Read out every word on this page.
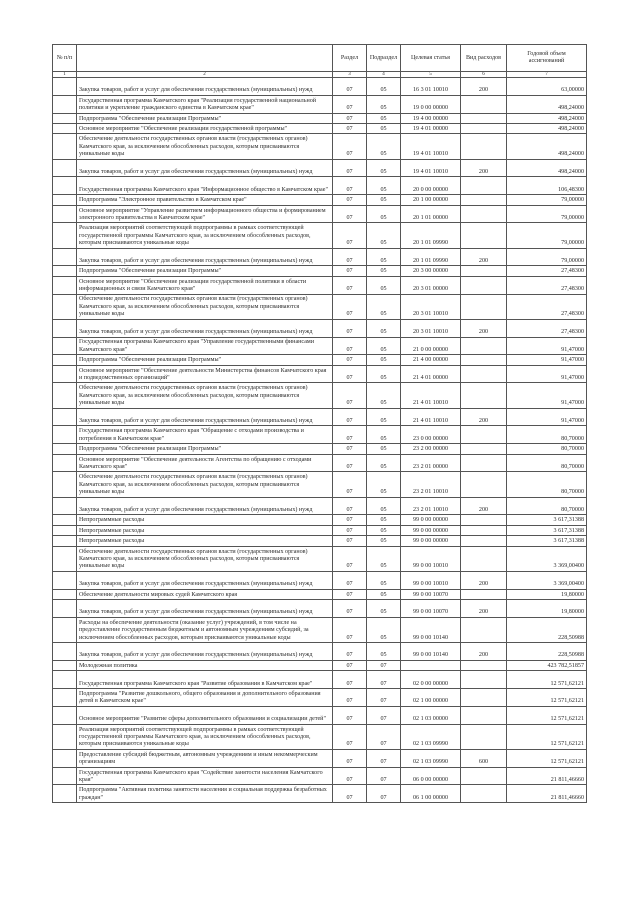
№ п/п		Раздел	Подраздел	Целевая статья	Вид расходов	Годовой объем ассигнований
1	2	3	4	5	6	7
	Закупка товаров, работ и услуг для обеспечения государственных (муниципальных) нужд	07	05	16 3 01 10010	200	63,00000
	Государственная программа Камчатского края "Реализация государственной национальной политики и укрепление гражданского единства в Камчатском крае"	07	05	19 0 00 00000		498,24000
	Подпрограмма "Обеспечение реализации Программы"	07	05	19 4 00 00000		498,24000
	Основное мероприятие "Обеспечение реализации государственной программы"	07	05	19 4 01 00000		498,24000
	Обеспечение деятельности государственных органов власти (государственных органов) Камчатского края, за исключением обособленных расходов, которым присваиваются уникальные коды	07	05	19 4 01 10010		498,24000
	Закупка товаров, работ и услуг для обеспечения государственных (муниципальных) нужд	07	05	19 4 01 10010	200	498,24000
	Государственная программа Камчатского края "Информационное общество в Камчатском крае"	07	05	20 0 00 00000		106,48300
	Подпрограмма "Электронное правительство в Камчатском крае"	07	05	20 1 00 00000		79,00000
	Основное мероприятие "Управление развитием информационного общества и формированием электронного правительства в Камчатском крае"	07	05	20 1 01 00000		79,00000
	Реализация мероприятий соответствующей подпрограммы в рамках соответствующей государственной программы Камчатского края, за исключением обособленных расходов, которым присваиваются уникальные коды	07	05	20 1 01 09990		79,00000
	Закупка товаров, работ и услуг для обеспечения государственных (муниципальных) нужд	07	05	20 1 01 09990	200	79,00000
	Подпрограмма "Обеспечение реализации Программы"	07	05	20 3 00 00000		27,48300
	Основное мероприятие "Обеспечение реализации государственной политики в области информационных и связи Камчатского края"	07	05	20 3 01 00000		27,48300
	Обеспечение деятельности государственных органов власти (государственных органов) Камчатского края, за исключением обособленных расходов, которым присваиваются уникальные коды	07	05	20 3 01 10010		27,48300
	Закупка товаров, работ и услуг для обеспечения государственных (муниципальных) нужд	07	05	20 3 01 10010	200	27,48300
	Государственная программа Камчатского края "Управление государственными финансами Камчатского края"	07	05	21 0 00 00000		91,47000
	Подпрограмма "Обеспечение реализации Программы"	07	05	21 4 00 00000		91,47000
	Основное мероприятие "Обеспечение деятельности Министерства финансов Камчатского края и подведомственных организаций"	07	05	21 4 01 00000		91,47000
	Обеспечение деятельности государственных органов власти (государственных органов) Камчатского края, за исключением обособленных расходов, которым присваиваются уникальные коды	07	05	21 4 01 10010		91,47000
	Закупка товаров, работ и услуг для обеспечения государственных (муниципальных) нужд	07	05	21 4 01 10010	200	91,47000
	Государственная программа Камчатского края "Обращение с отходами производства и потребления в Камчатском крае"	07	05	23 0 00 00000		80,70000
	Подпрограмма "Обеспечение реализации Программы"	07	05	23 2 00 00000		80,70000
	Основное мероприятие "Обеспечение деятельности Агентства по обращению с отходами Камчатского края"	07	05	23 2 01 00000		80,70000
	Обеспечение деятельности государственных органов власти (государственных органов) Камчатского края, за исключением обособленных расходов, которым присваиваются уникальные коды	07	05	23 2 01 10010		80,70000
	Закупка товаров, работ и услуг для обеспечения государственных (муниципальных) нужд	07	05	23 2 01 10010	200	80,70000
	Непрограммные расходы	07	05	99 0 00 00000		3 617,31388
	Непрограммные расходы	07	05	99 0 00 00000		3 617,31388
	Непрограммные расходы	07	05	99 0 00 00000		3 617,31388
	Обеспечение деятельности государственных органов власти (государственных органов) Камчатского края, за исключением обособленных расходов, которым присваиваются уникальные коды	07	05	99 0 00 10010		3 369,00400
	Закупка товаров, работ и услуг для обеспечения государственных (муниципальных) нужд	07	05	99 0 00 10010	200	3 369,00400
	Обеспечение деятельности мировых судей Камчатского края	07	05	99 0 00 10070		19,80000
	Закупка товаров, работ и услуг для обеспечения государственных (муниципальных) нужд	07	05	99 0 00 10070	200	19,80000
	Расходы на обеспечение деятельности (оказание услуг) учреждений, в том числе на предоставление государственным бюджетным и автономным учреждениям субсидий, за исключением обособленных расходов, которым присваиваются уникальные коды	07	05	99 0 00 10140		228,50988
	Закупка товаров, работ и услуг для обеспечения государственных (муниципальных) нужд	07	05	99 0 00 10140	200	228,50988
	Молодежная политика	07	07			423 782,51857
	Государственная программа Камчатского края "Развитие образования в Камчатском крае"	07	07	02 0 00 00000		12 571,62121
	Подпрограмма "Развитие дошкольного, общего образования и дополнительного образования детей в Камчатском крае"	07	07	02 1 00 00000		12 571,62121
	Основное мероприятие "Развитие сферы дополнительного образования и социализации детей"	07	07	02 1 03 00000		12 571,62121
	Реализация мероприятий соответствующей подпрограммы в рамках соответствующей государственной программы Камчатского края, за исключением обособленных расходов, которым присваиваются уникальные коды	07	07	02 1 03 09990		12 571,62121
	Предоставление субсидий бюджетным, автономным учреждениям и иным некоммерческим организациям	07	07	02 1 03 09990	600	12 571,62121
	Государственная программа Камчатского края "Содействие занятости населения Камчатского края"	07	07	06 0 00 00000		21 811,46660
	Подпрограмма "Активная политика занятости населения и социальная поддержка безработных граждан"	07	07	06 1 00 00000		21 811,46660
